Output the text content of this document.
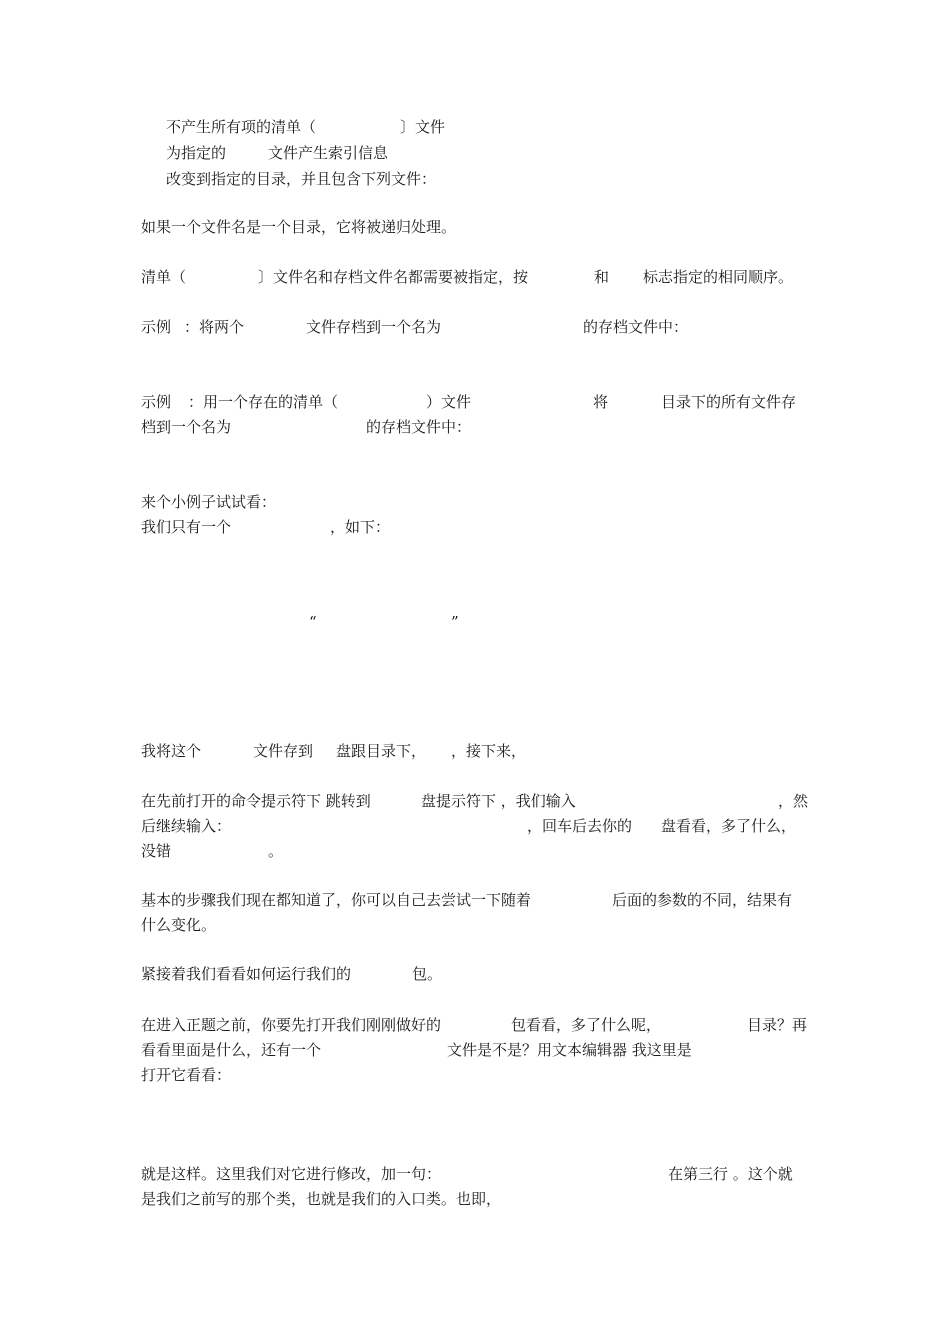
不产生所有项的清单（	〕文件

为指定的	文件产生索引信息

改变到指定的目录，并且包含下列文件：

如果一个文件名是一个目录，它将被递归处理。

清单（	〕文件名和存档文件名都需要被指定，按	和 标志指定的相同顺序。

示例 ：将两个	文件存档到一个名为	的存档文件中：

示例 ：用一个存在的清单（	）文件	将	目录下的所有文件存

档到一个名为	的存档文件中：

来个小例子试试看：

我们只有一个	，如下：

“	”

我将这个	文件存到 盘跟目录下， ，接下来，

在先前打开的命令提示符下 跳转到	盘提示符下 ，我们输入	，然

后继续输入：	，回车后去你的 盘看看，多了什么，

没错	。

基本的步骤我们现在都知道了，你可以自己去尝试一下随着	后面的参数的不同，结果有

什么变化。

紧接着我们看看如何运行我们的	包。

在进入正题之前，你要先打开我们刚刚做好的	包看看，多了什么呢，	目录？再

看看里面是什么，还有一个	文件是不是？用文本编辑器 我这里是

打开它看看：

就是这样。这里我们对它进行修改，加一句：	在第三行 。这个就

是我们之前写的那个类，也就是我们的入口类。也即，
